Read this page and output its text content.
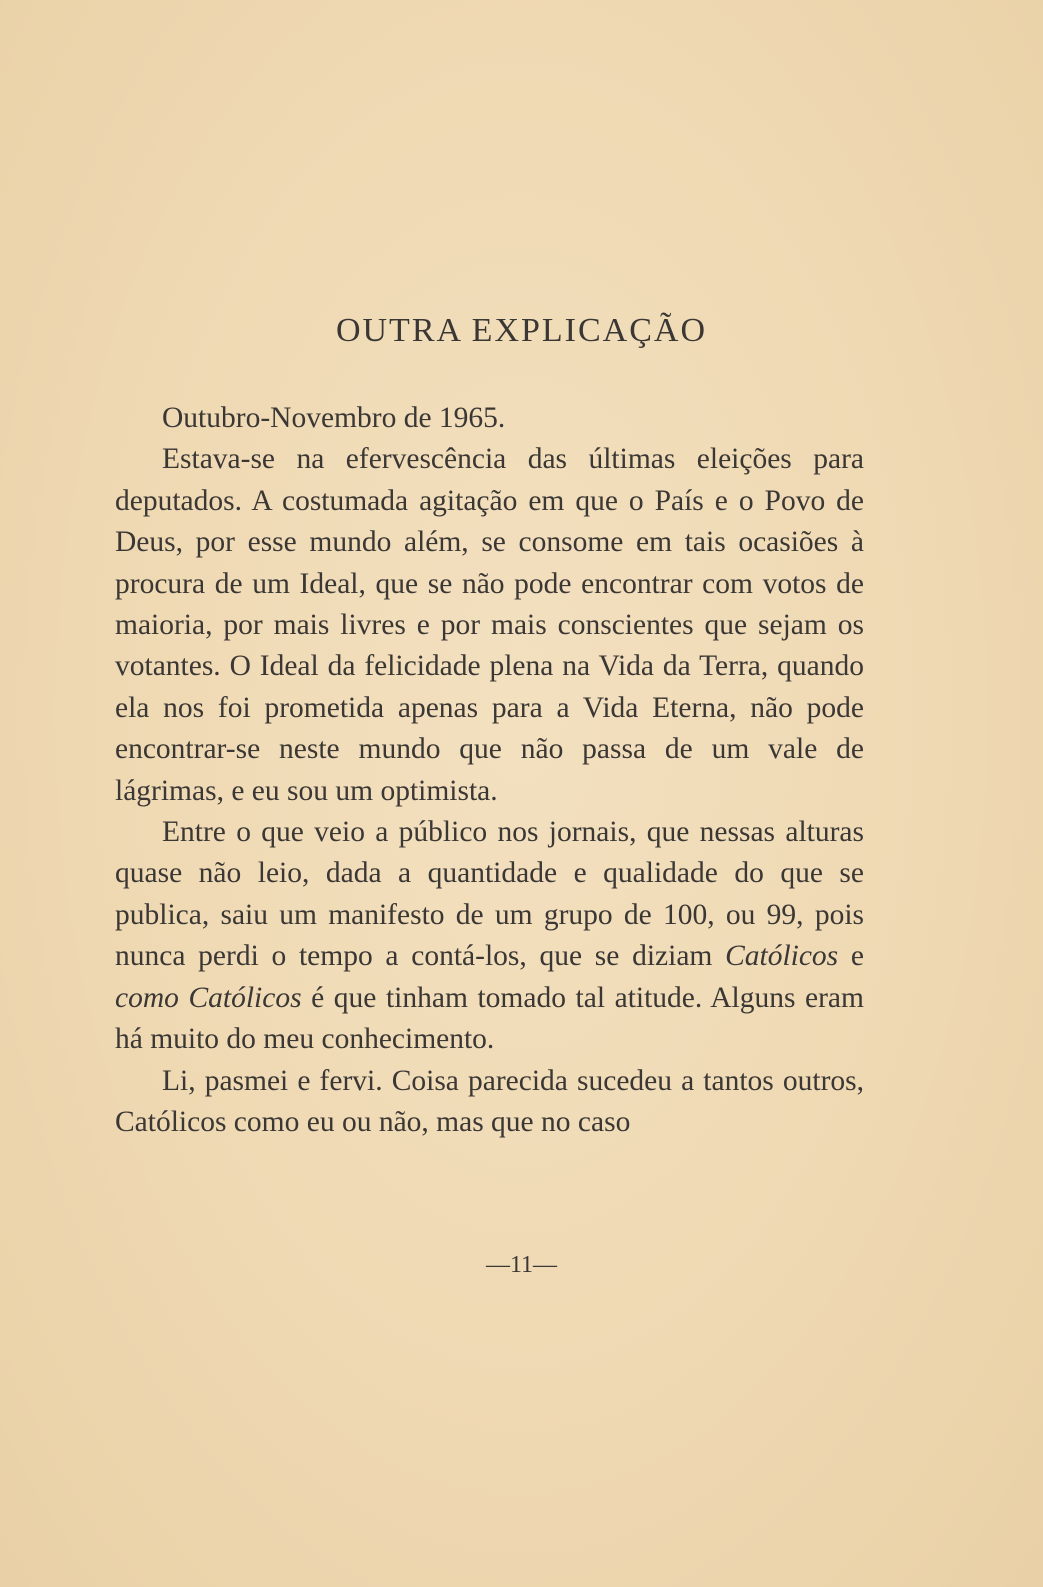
OUTRA EXPLICAÇÃO

Outubro-Novembro de 1965.

Estava-se na efervescência das últimas eleições para deputados. A costumada agitação em que o País e o Povo de Deus, por esse mundo além, se consome em tais ocasiões à procura de um Ideal, que se não pode encontrar com votos de maioria, por mais livres e por mais conscientes que sejam os votantes. O Ideal da felicidade plena na Vida da Terra, quando ela nos foi prometida apenas para a Vida Eterna, não pode encontrar-se neste mundo que não passa de um vale de lágrimas, e eu sou um optimista.

Entre o que veio a público nos jornais, que nessas alturas quase não leio, dada a quantidade e qualidade do que se publica, saiu um manifesto de um grupo de 100, ou 99, pois nunca perdi o tempo a contá-los, que se diziam Católicos e como Católicos é que tinham tomado tal atitude. Alguns eram há muito do meu conhecimento.

Li, pasmei e fervi. Coisa parecida sucedeu a tantos outros, Católicos como eu ou não, mas que no caso

—11—
